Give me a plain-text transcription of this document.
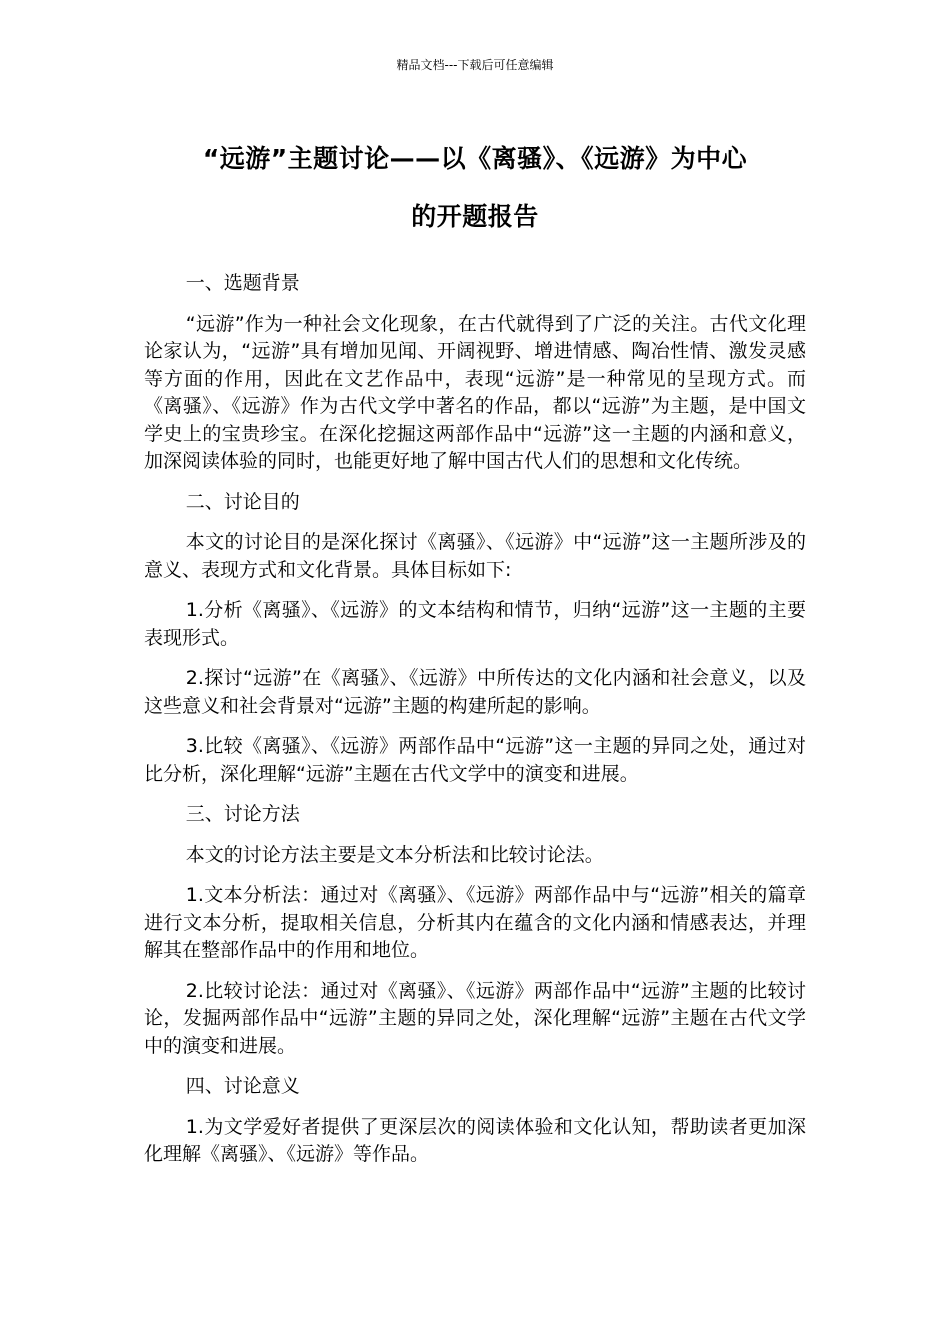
精品文档---下载后可任意编辑
“远游”主题讨论——以《离骚》、《远游》为中心
的开题报告
一、选题背景
“远游”作为一种社会文化现象，在古代就得到了广泛的关注。古代文化理论家认为，“远游”具有增加见闻、开阔视野、增进情感、陶冶性情、激发灵感等方面的作用，因此在文艺作品中，表现“远游”是一种常见的呈现方式。而《离骚》、《远游》作为古代文学中著名的作品，都以“远游”为主题，是中国文学史上的宝贵珍宝。在深化挖掘这两部作品中“远游”这一主题的内涵和意义，加深阅读体验的同时，也能更好地了解中国古代人们的思想和文化传统。
二、讨论目的
本文的讨论目的是深化探讨《离骚》、《远游》中“远游”这一主题所涉及的意义、表现方式和文化背景。具体目标如下:
1.分析《离骚》、《远游》的文本结构和情节，归纳“远游”这一主题的主要表现形式。
2.探讨“远游”在《离骚》、《远游》中所传达的文化内涵和社会意义，以及这些意义和社会背景对“远游”主题的构建所起的影响。
3.比较《离骚》、《远游》两部作品中“远游”这一主题的异同之处，通过对比分析，深化理解“远游”主题在古代文学中的演变和进展。
三、讨论方法
本文的讨论方法主要是文本分析法和比较讨论法。
1.文本分析法：通过对《离骚》、《远游》两部作品中与“远游”相关的篇章进行文本分析，提取相关信息，分析其内在蕴含的文化内涵和情感表达，并理解其在整部作品中的作用和地位。
2.比较讨论法：通过对《离骚》、《远游》两部作品中“远游”主题的比较讨论，发掘两部作品中“远游”主题的异同之处，深化理解“远游”主题在古代文学中的演变和进展。
四、讨论意义
1.为文学爱好者提供了更深层次的阅读体验和文化认知，帮助读者更加深化理解《离骚》、《远游》等作品。
